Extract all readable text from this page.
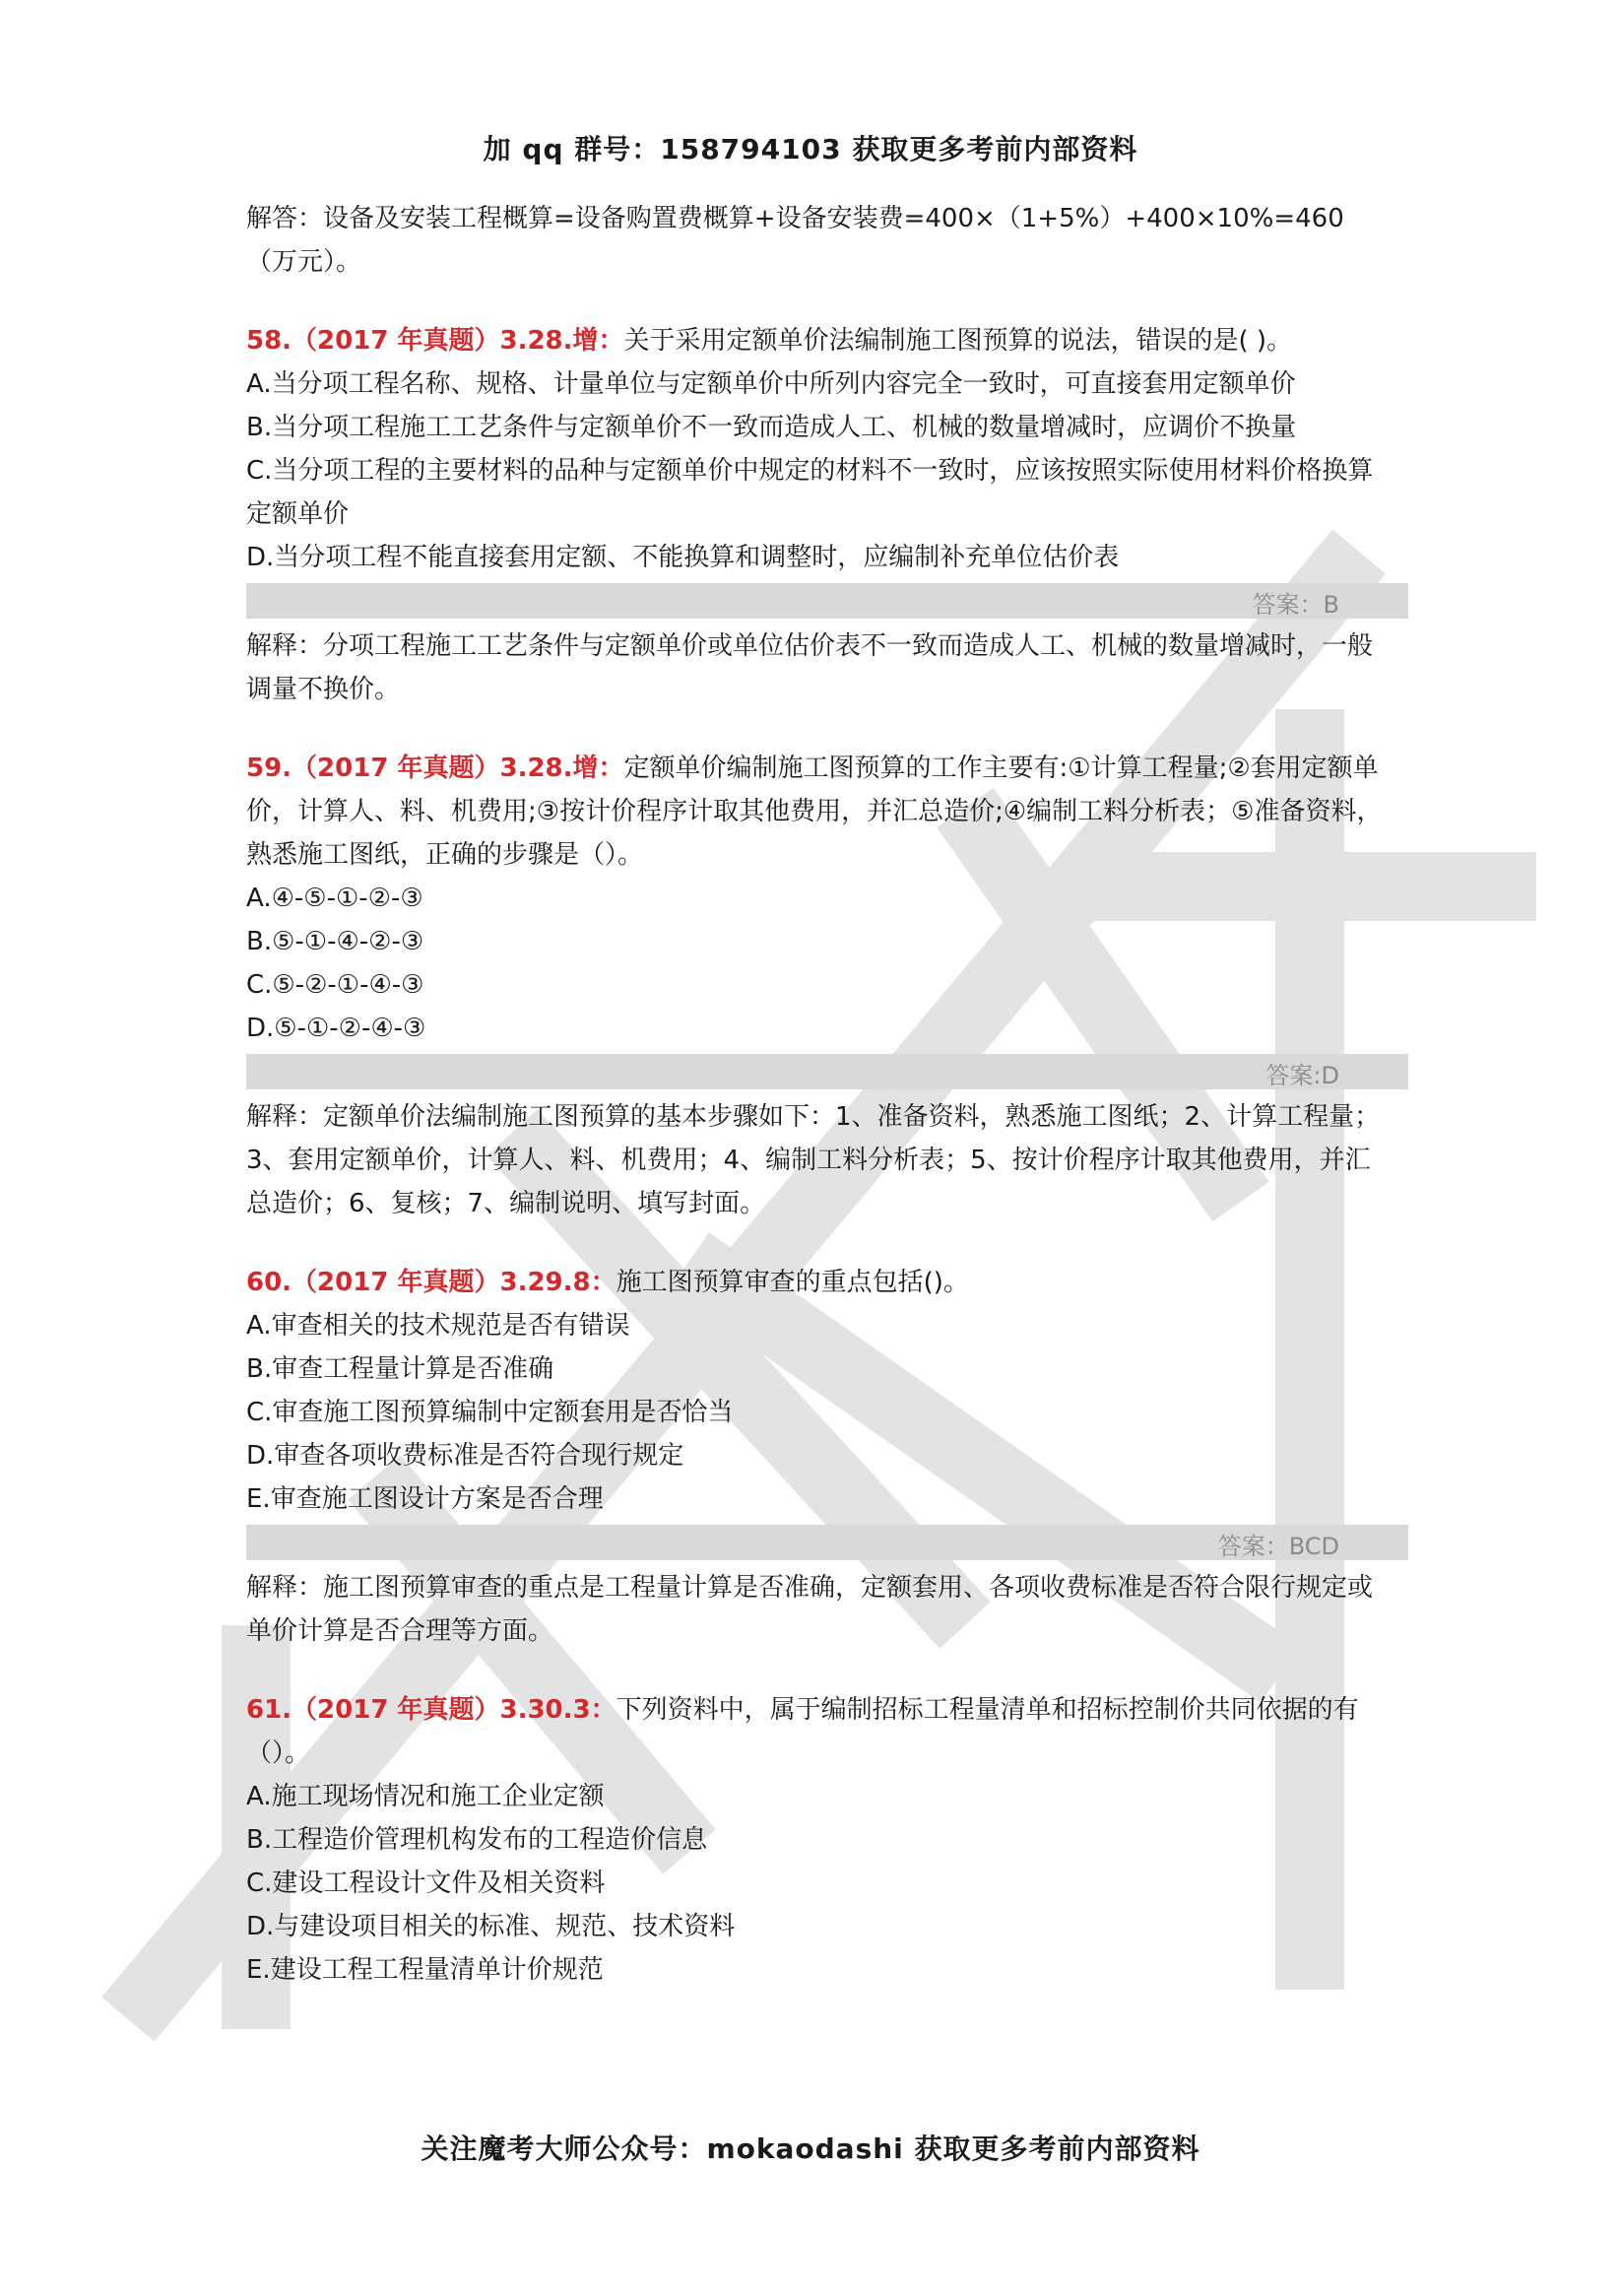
加 qq 群号：158794103 获取更多考前内部资料

解答：设备及安装工程概算=设备购置费概算+设备安装费=400×（1+5%）+400×10%=460

（万元）。

58.（2017 年真题）3.28.增：关于采用定额单价法编制施工图预算的说法，错误的是( )。

A.当分项工程名称、规格、计量单位与定额单价中所列内容完全一致时，可直接套用定额单价

B.当分项工程施工工艺条件与定额单价不一致而造成人工、机械的数量增减时，应调价不换量

C.当分项工程的主要材料的品种与定额单价中规定的材料不一致时，应该按照实际使用材料价格换算定额单价

D.当分项工程不能直接套用定额、不能换算和调整时，应编制补充单位估价表

答案：B

解释：分项工程施工工艺条件与定额单价或单位估价表不一致而造成人工、机械的数量增减时，一般调量不换价。

59.（2017 年真题）3.28.增：定额单价编制施工图预算的工作主要有:①计算工程量;②套用定额单价，计算人、料、机费用;③按计价程序计取其他费用，并汇总造价;④编制工料分析表；⑤准备资料，熟悉施工图纸，正确的步骤是（）。

A.④-⑤-①-②-③

B.⑤-①-④-②-③

C.⑤-②-①-④-③

D.⑤-①-②-④-③

答案:D

解释：定额单价法编制施工图预算的基本步骤如下：1、准备资料，熟悉施工图纸；2、计算工程量；3、套用定额单价，计算人、料、机费用；4、编制工料分析表；5、按计价程序计取其他费用，并汇总造价；6、复核；7、编制说明、填写封面。

60.（2017 年真题）3.29.8：施工图预算审查的重点包括()。

A.审查相关的技术规范是否有错误

B.审查工程量计算是否准确

C.审查施工图预算编制中定额套用是否恰当

D.审查各项收费标准是否符合现行规定

E.审查施工图设计方案是否合理

答案：BCD

解释：施工图预算审查的重点是工程量计算是否准确，定额套用、各项收费标准是否符合限行规定或单价计算是否合理等方面。

61.（2017 年真题）3.30.3：下列资料中，属于编制招标工程量清单和招标控制价共同依据的有（）。

A.施工现场情况和施工企业定额

B.工程造价管理机构发布的工程造价信息

C.建设工程设计文件及相关资料

D.与建设项目相关的标准、规范、技术资料

E.建设工程工程量清单计价规范

关注魔考大师公众号：mokaodashi 获取更多考前内部资料
